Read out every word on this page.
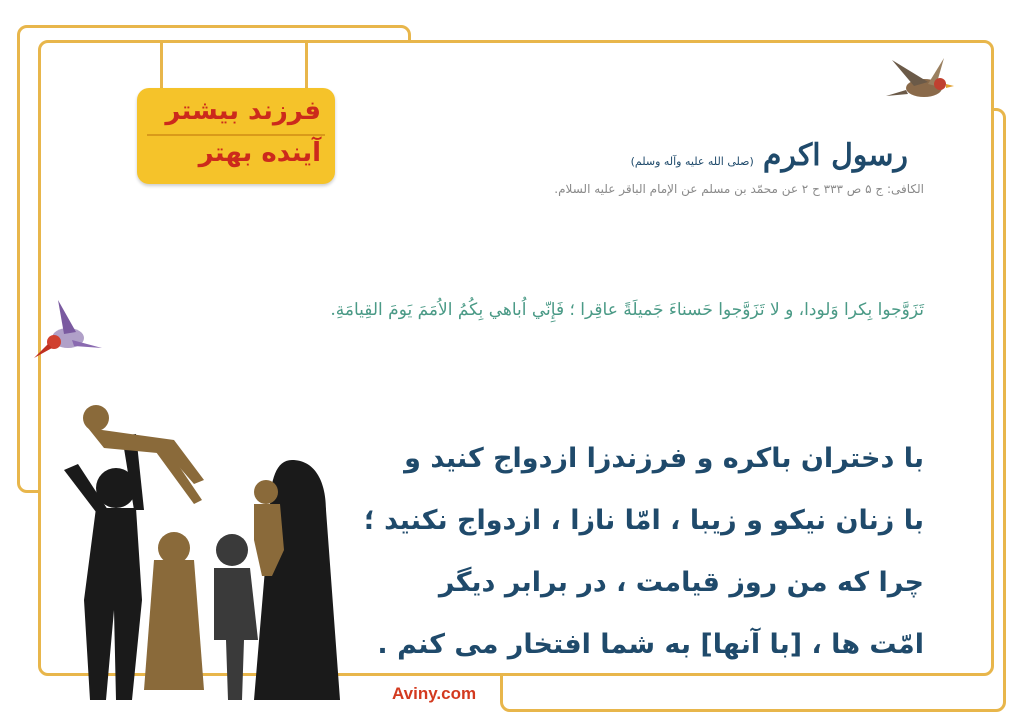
فرزند بیشتر
آینده بهتر	رسول اکرم (صلی الله علیه وآله وسلم)
الکافی: ج ۵ ص ۳۳۳ ح ۲ عن محمّد بن مسلم عن الإمام الباقر علیه السلام.
تَزَوَّجوا بِكرا وَلودا، و لا تَزَوَّجوا حَسناءَ جَميلَةً عاقِرا ؛ فَإِنّي اُباهي بِكُمُ الاُمَمَ يَومَ القِيامَةِ.
با دختران باکره و فرزندزا ازدواج کنید و
با زنان نیکو و زیبا ، امّا نازا ، ازدواج نکنید ؛
چرا که من روز قیامت ، در برابر دیگر
امّت ها ، [با آنها] به شما افتخار می کنم .
Aviny.com
